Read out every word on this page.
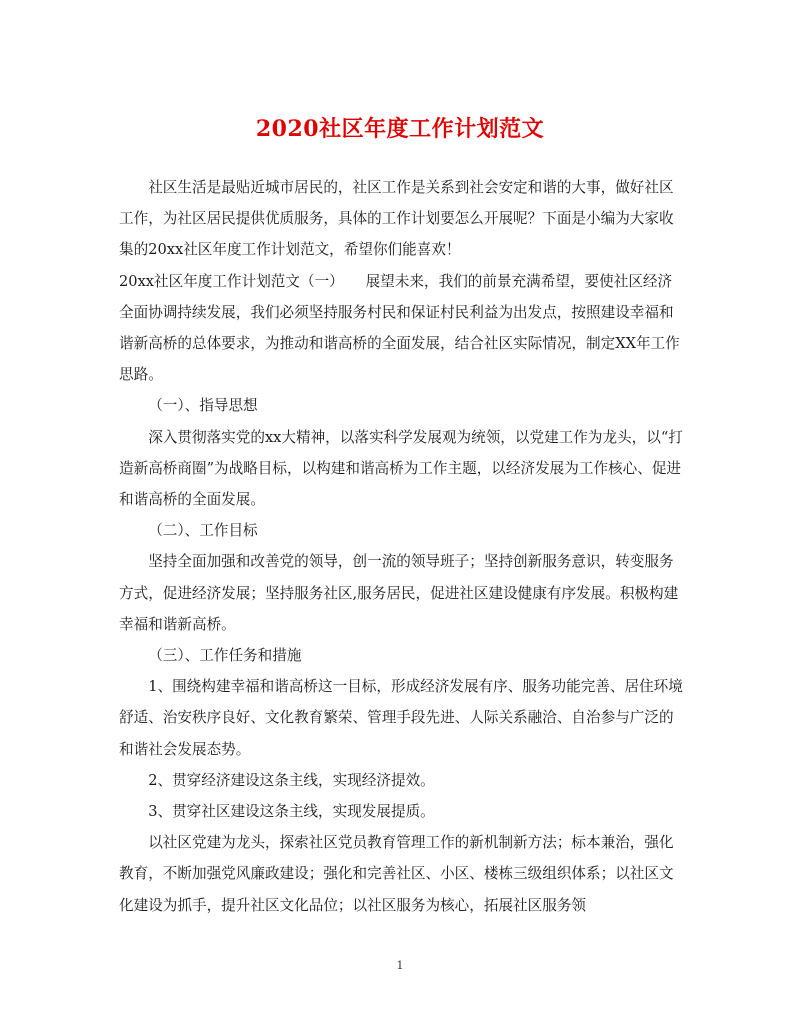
2020社区年度工作计划范文

社区生活是最贴近城市居民的，社区工作是关系到社会安定和谐的大事，做好社区工作，为社区居民提供优质服务，具体的工作计划要怎么开展呢？下面是小编为大家收集的20xx社区年度工作计划范文，希望你们能喜欢！

20xx社区年度工作计划范文（一）　　展望未来，我们的前景充满希望，要使社区经济全面协调持续发展，我们必须坚持服务村民和保证村民利益为出发点，按照建设幸福和谐新高桥的总体要求，为推动和谐高桥的全面发展，结合社区实际情况，制定XX年工作思路。

（一）、指导思想

深入贯彻落实党的xx大精神，以落实科学发展观为统领，以党建工作为龙头，以“打造新高桥商圈”为战略目标，以构建和谐高桥为工作主题，以经济发展为工作核心、促进和谐高桥的全面发展。

（二）、工作目标

坚持全面加强和改善党的领导，创一流的领导班子；坚持创新服务意识，转变服务方式，促进经济发展；坚持服务社区,服务居民，促进社区建设健康有序发展。积极构建幸福和谐新高桥。

（三）、工作任务和措施

1、围绕构建幸福和谐高桥这一目标，形成经济发展有序、服务功能完善、居住环境舒适、治安秩序良好、文化教育繁荣、管理手段先进、人际关系融洽、自治参与广泛的和谐社会发展态势。

2、贯穿经济建设这条主线，实现经济提效。

3、贯穿社区建设这条主线，实现发展提质。

以社区党建为龙头，探索社区党员教育管理工作的新机制新方法；标本兼治，强化教育，不断加强党风廉政建设；强化和完善社区、小区、楼栋三级组织体系；以社区文化建设为抓手，提升社区文化品位；以社区服务为核心，拓展社区服务领

1
